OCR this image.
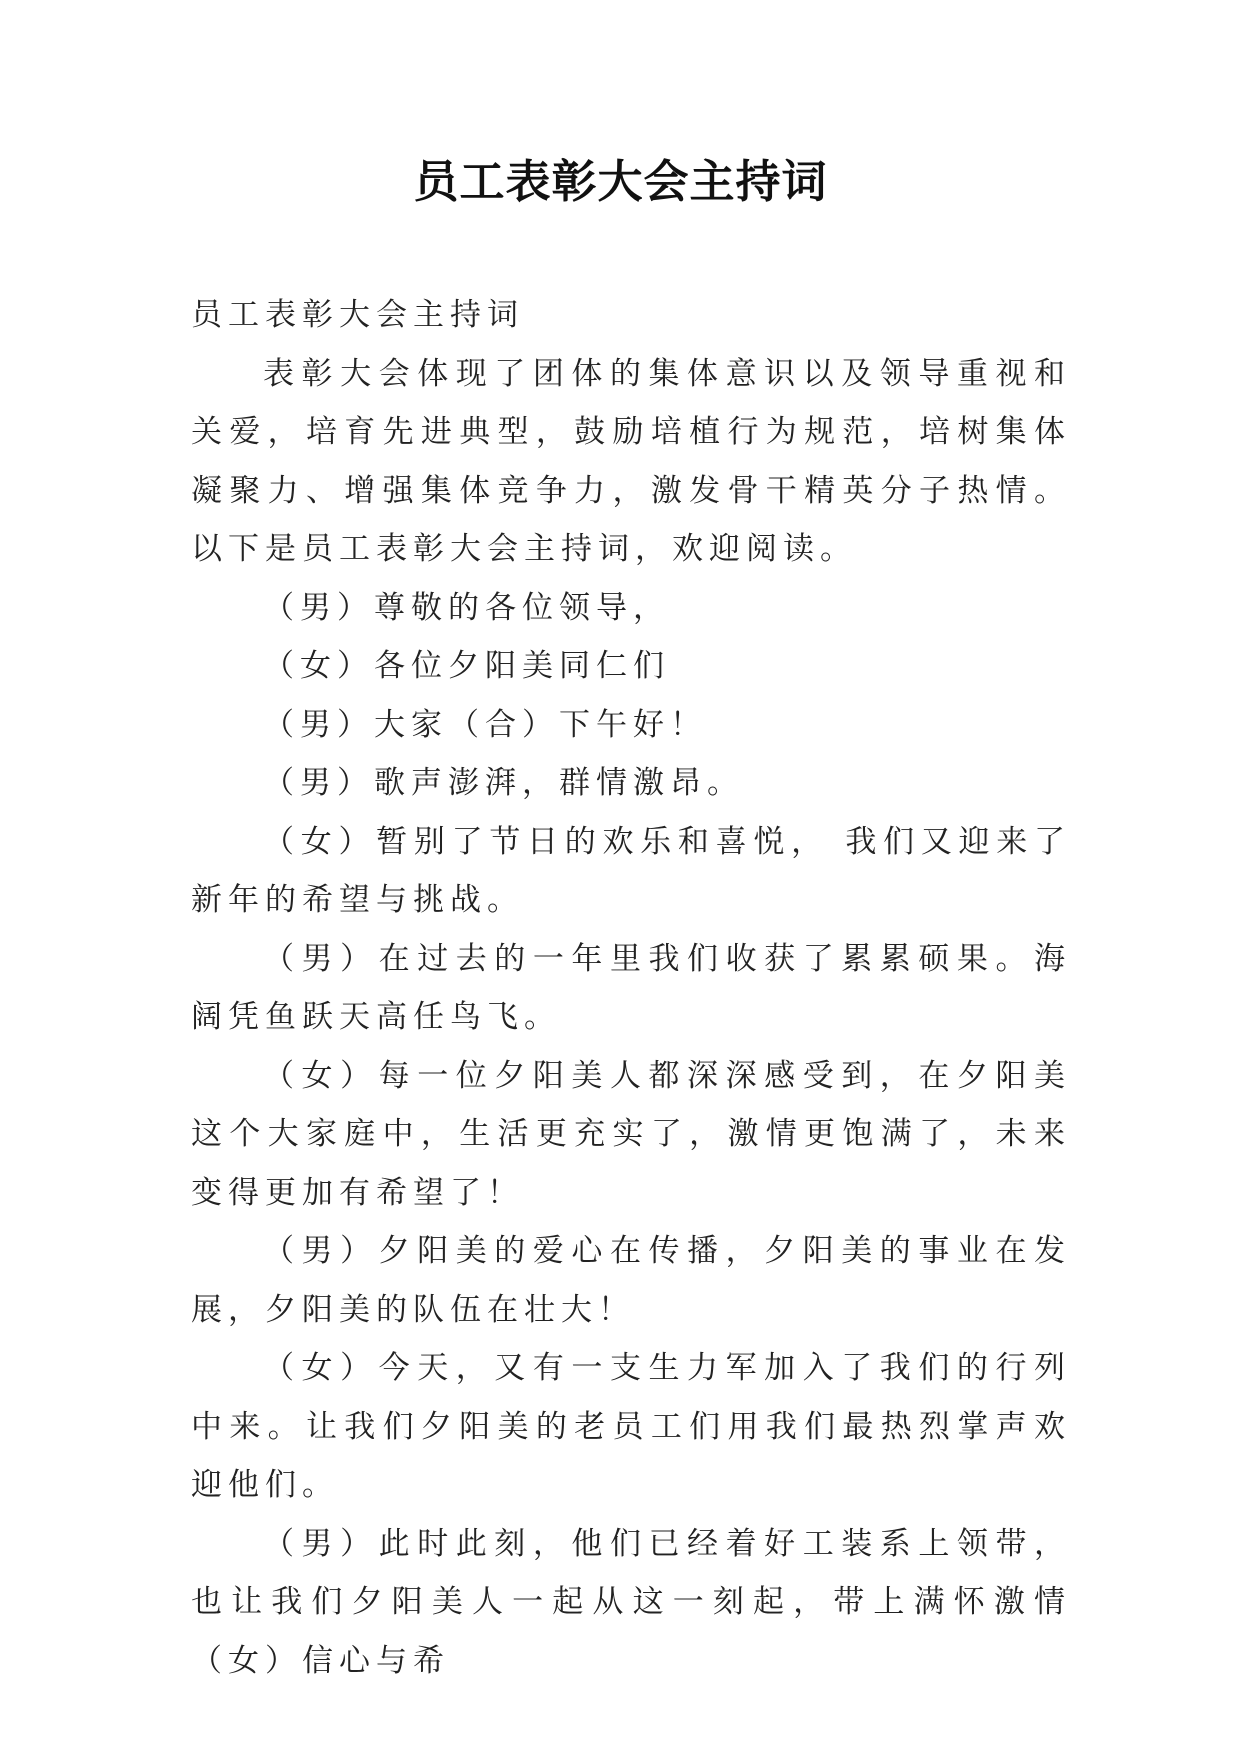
员工表彰大会主持词

员工表彰大会主持词

表彰大会体现了团体的集体意识以及领导重视和关爱，培育先进典型，鼓励培植行为规范，培树集体凝聚力、增强集体竞争力，激发骨干精英分子热情。以下是员工表彰大会主持词，欢迎阅读。

（男）尊敬的各位领导，

（女）各位夕阳美同仁们

（男）大家（合）下午好！

（男）歌声澎湃，群情激昂。

（女）暂别了节日的欢乐和喜悦， 我们又迎来了新年的希望与挑战。

（男）在过去的一年里我们收获了累累硕果。海阔凭鱼跃天高任鸟飞。

（女）每一位夕阳美人都深深感受到，在夕阳美这个大家庭中，生活更充实了，激情更饱满了，未来变得更加有希望了！

（男）夕阳美的爱心在传播，夕阳美的事业在发展，夕阳美的队伍在壮大！

（女）今天，又有一支生力军加入了我们的行列中来。让我们夕阳美的老员工们用我们最热烈掌声欢迎他们。

（男）此时此刻，他们已经着好工装系上领带，也让我们夕阳美人一起从这一刻起，带上满怀激情（女）信心与希
